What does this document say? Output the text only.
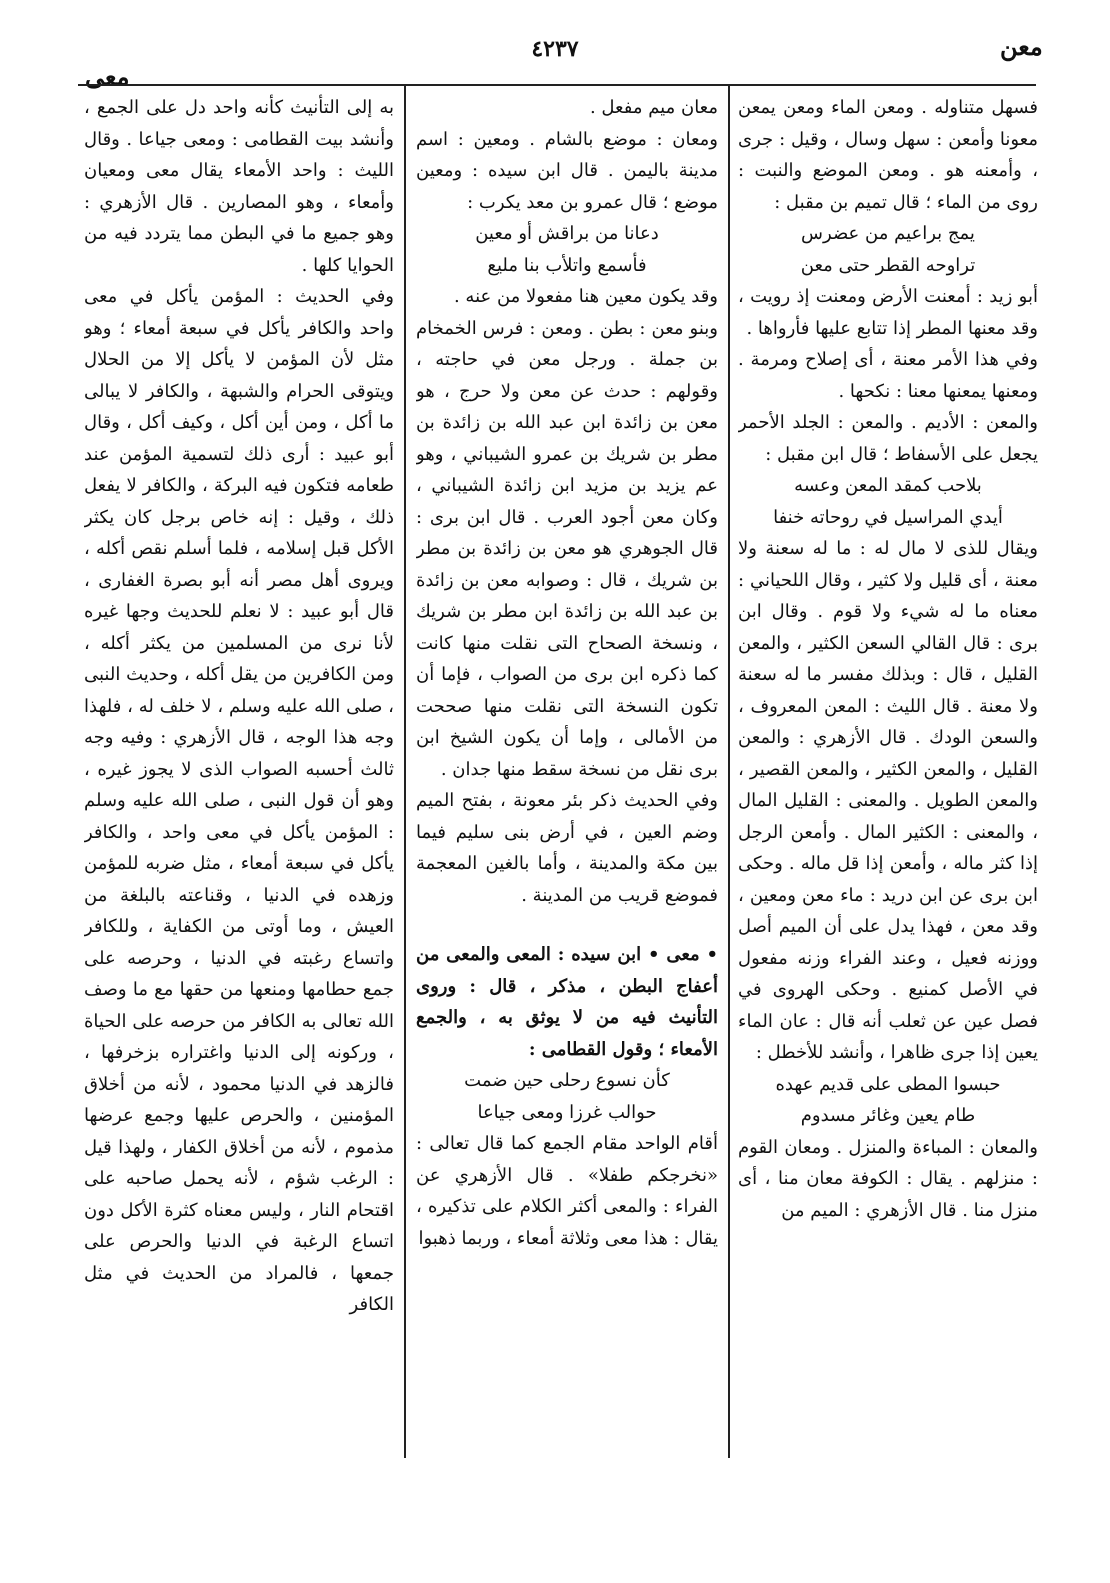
معن
٤٢٣٧
معى

فسهل متناوله . ومعن الماء ومعن يمعن معونا وأمعن : سهل وسال ، وقيل : جرى ، وأمعنه هو . ومعن الموضع والنبت : روى من الماء ؛ قال تميم بن مقبل :

يمج براعيم من عضرس

تراوحه القطر حتى معن

أبو زيد : أمعنت الأرض ومعنت إذ رويت ، وقد معنها المطر إذا تتابع عليها فأرواها .

وفي هذا الأمر معنة ، أى إصلاح ومرمة . ومعنها يمعنها معنا : نكحها .

والمعن : الأديم . والمعن : الجلد الأحمر يجعل على الأسفاط ؛ قال ابن مقبل :

بلاحب كمقد المعن وعسه

أيدي المراسيل في روحاته خنفا

ويقال للذى لا مال له : ما له سعنة ولا معنة ، أى قليل ولا كثير ، وقال اللحياني : معناه ما له شيء ولا قوم . وقال ابن برى : قال القالي السعن الكثير ، والمعن القليل ، قال : وبذلك مفسر ما له سعنة ولا معنة . قال الليث : المعن المعروف ، والسعن الودك . قال الأزهري : والمعن القليل ، والمعن الكثير ، والمعن القصير ، والمعن الطويل . والمعنى : القليل المال ، والمعنى : الكثير المال . وأمعن الرجل إذا كثر ماله ، وأمعن إذا قل ماله . وحكى ابن برى عن ابن دريد : ماء معن ومعين ، وقد معن ، فهذا يدل على أن الميم أصل ووزنه فعيل ، وعند الفراء وزنه مفعول في الأصل كمنيع . وحكى الهروى في فصل عين عن ثعلب أنه قال : عان الماء يعين إذا جرى ظاهرا ، وأنشد للأخطل :

حبسوا المطى على قديم عهده

طام يعين وغائر مسدوم

والمعان : المباءة والمنزل . ومعان القوم : منزلهم . يقال : الكوفة معان منا ، أى منزل منا . قال الأزهري : الميم من

معان ميم مفعل .

ومعان : موضع بالشام . ومعين : اسم مدينة باليمن . قال ابن سيده : ومعين موضع ؛ قال عمرو بن معد يكرب :

دعانا من براقش أو معين

فأسمع واتلأب بنا مليع

وقد يكون معين هنا مفعولا من عنه .

وبنو معن : بطن . ومعن : فرس الخمخام بن جملة . ورجل معن في حاجته ، وقولهم : حدث عن معن ولا حرج ، هو معن بن زائدة ابن عبد الله بن زائدة بن مطر بن شريك بن عمرو الشيباني ، وهو عم يزيد بن مزيد ابن زائدة الشيباني ، وكان معن أجود العرب . قال ابن برى : قال الجوهري هو معن بن زائدة بن مطر بن شريك ، قال : وصوابه معن بن زائدة بن عبد الله بن زائدة ابن مطر بن شريك ، ونسخة الصحاح التى نقلت منها كانت كما ذكره ابن برى من الصواب ، فإما أن تكون النسخة التى نقلت منها صححت من الأمالى ، وإما أن يكون الشيخ ابن برى نقل من نسخة سقط منها جدان .

وفي الحديث ذكر بئر معونة ، بفتح الميم وضم العين ، في أرض بنى سليم فيما بين مكة والمدينة ، وأما بالغين المعجمة فموضع قريب من المدينة .

• معى • ابن سيده : المعى والمعى من أعفاج البطن ، مذكر ، قال : وروى التأنيث فيه من لا يوثق به ، والجمع الأمعاء ؛ وقول القطامى :

كأن نسوع رحلى حين ضمت

حوالب غرزا ومعى جياعا

أقام الواحد مقام الجمع كما قال تعالى : «نخرجكم طفلا» . قال الأزهري عن الفراء : والمعى أكثر الكلام على تذكيره ، يقال : هذا معى وثلاثة أمعاء ، وربما ذهبوا

به إلى التأنيث كأنه واحد دل على الجمع ، وأنشد بيت القطامى : ومعى جياعا . وقال الليث : واحد الأمعاء يقال معى ومعيان وأمعاء ، وهو المصارين . قال الأزهري : وهو جميع ما في البطن مما يتردد فيه من الحوايا كلها .

وفي الحديث : المؤمن يأكل في معى واحد والكافر يأكل في سبعة أمعاء ؛ وهو مثل لأن المؤمن لا يأكل إلا من الحلال ويتوقى الحرام والشبهة ، والكافر لا يبالى ما أكل ، ومن أين أكل ، وكيف أكل ، وقال أبو عبيد : أرى ذلك لتسمية المؤمن عند طعامه فتكون فيه البركة ، والكافر لا يفعل ذلك ، وقيل : إنه خاص برجل كان يكثر الأكل قبل إسلامه ، فلما أسلم نقص أكله ، ويروى أهل مصر أنه أبو بصرة الغفارى ، قال أبو عبيد : لا نعلم للحديث وجها غيره لأنا نرى من المسلمين من يكثر أكله ، ومن الكافرين من يقل أكله ، وحديث النبى ، صلى الله عليه وسلم ، لا خلف له ، فلهذا وجه هذا الوجه ، قال الأزهري : وفيه وجه ثالث أحسبه الصواب الذى لا يجوز غيره ، وهو أن قول النبى ، صلى الله عليه وسلم : المؤمن يأكل في معى واحد ، والكافر يأكل في سبعة أمعاء ، مثل ضربه للمؤمن وزهده في الدنيا ، وقناعته بالبلغة من العيش ، وما أوتى من الكفاية ، وللكافر واتساع رغبته في الدنيا ، وحرصه على جمع حطامها ومنعها من حقها مع ما وصف الله تعالى به الكافر من حرصه على الحياة ، وركونه إلى الدنيا واغتراره بزخرفها ، فالزهد في الدنيا محمود ، لأنه من أخلاق المؤمنين ، والحرص عليها وجمع عرضها مذموم ، لأنه من أخلاق الكفار ، ولهذا قيل : الرغب شؤم ، لأنه يحمل صاحبه على اقتحام النار ، وليس معناه كثرة الأكل دون اتساع الرغبة في الدنيا والحرص على جمعها ، فالمراد من الحديث في مثل الكافر
